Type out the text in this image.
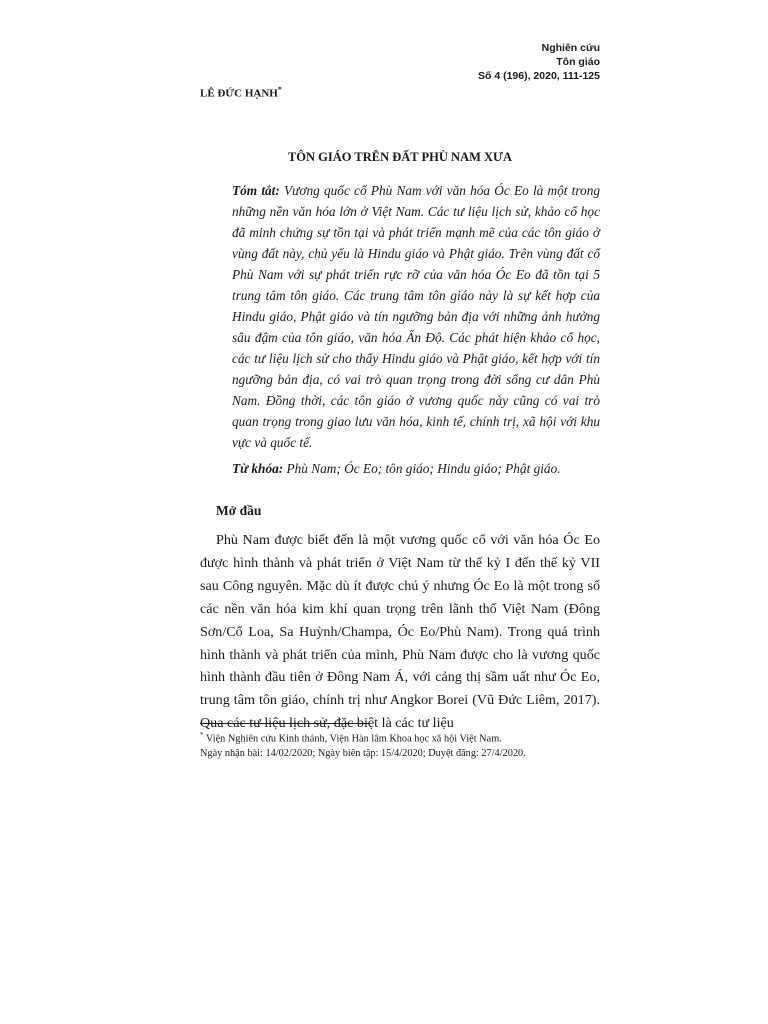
Nghiên cứu
Tôn giáo
Số 4 (196), 2020, 111-125
LÊ ĐỨC HẠNH*
TÔN GIÁO TRÊN ĐẤT PHÙ NAM XƯA

Tóm tắt: Vương quốc cổ Phù Nam với văn hóa Óc Eo là một trong những nền văn hóa lớn ở Việt Nam. Các tư liệu lịch sử, khảo cổ học đã minh chứng sự tồn tại và phát triển mạnh mẽ của các tôn giáo ở vùng đất này, chủ yếu là Hindu giáo và Phật giáo. Trên vùng đất cổ Phù Nam với sự phát triển rực rỡ của văn hóa Óc Eo đã tồn tại 5 trung tâm tôn giáo. Các trung tâm tôn giáo này là sự kết hợp của Hindu giáo, Phật giáo và tín ngưỡng bản địa với những ảnh hưởng sâu đậm của tôn giáo, văn hóa Ấn Độ. Các phát hiện khảo cổ học, các tư liệu lịch sử cho thấy Hindu giáo và Phật giáo, kết hợp với tín ngưỡng bản địa, có vai trò quan trọng trong đời sống cư dân Phù Nam. Đồng thời, các tôn giáo ở vương quốc này cũng có vai trò quan trọng trong giao lưu văn hóa, kinh tế, chính trị, xã hội với khu vực và quốc tế.

Từ khóa: Phù Nam; Óc Eo; tôn giáo; Hindu giáo; Phật giáo.

Mở đầu

Phù Nam được biết đến là một vương quốc cổ với văn hóa Óc Eo được hình thành và phát triển ở Việt Nam từ thế kỷ I đến thế kỷ VII sau Công nguyên. Mặc dù ít được chú ý nhưng Óc Eo là một trong số các nền văn hóa kim khí quan trọng trên lãnh thổ Việt Nam (Đông Sơn/Cổ Loa, Sa Huỳnh/Champa, Óc Eo/Phù Nam). Trong quá trình hình thành và phát triển của mình, Phù Nam được cho là vương quốc hình thành đầu tiên ở Đông Nam Á, với cảng thị sầm uất như Óc Eo, trung tâm tôn giáo, chính trị như Angkor Borei (Vũ Đức Liêm, 2017). Qua các tư liệu lịch sử, đặc biệt là các tư liệu

* Viện Nghiên cứu Kinh thánh, Viện Hàn lâm Khoa học xã hội Việt Nam.

Ngày nhận bài: 14/02/2020; Ngày biên tập: 15/4/2020; Duyệt đăng: 27/4/2020.
